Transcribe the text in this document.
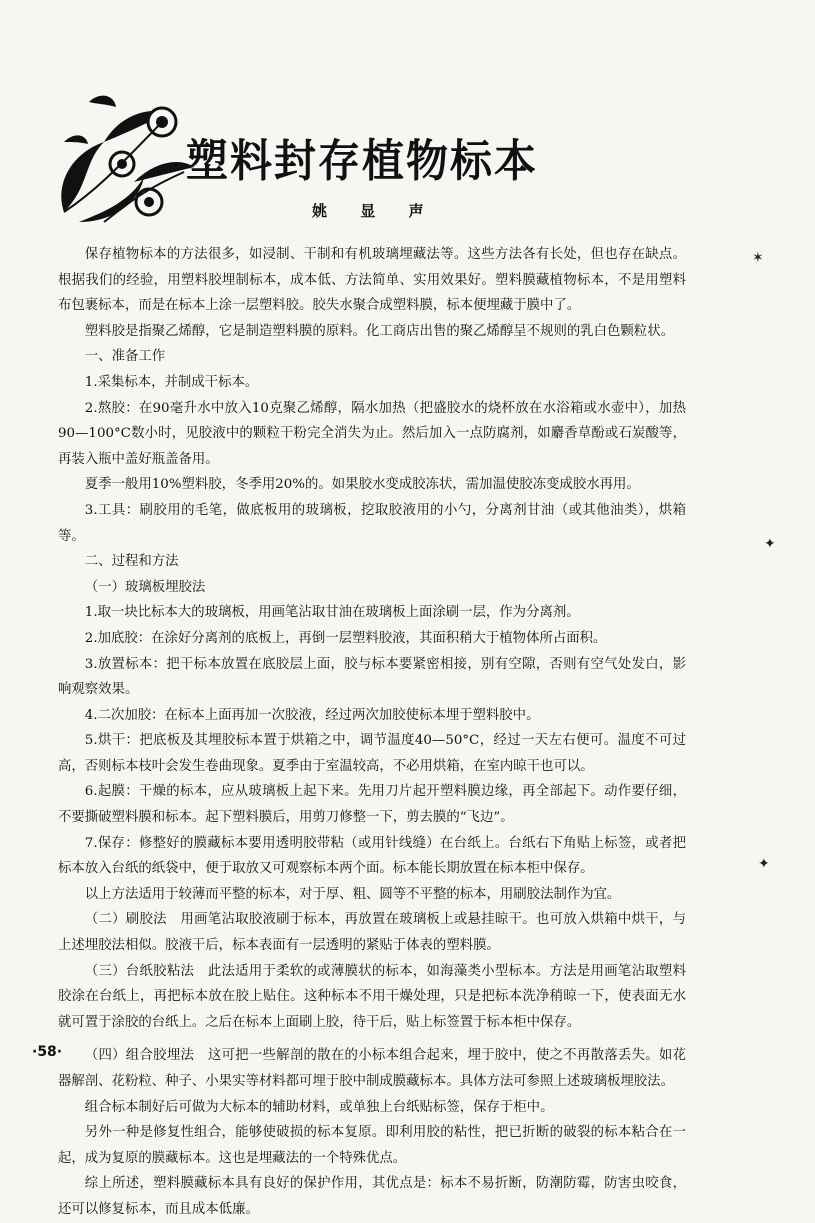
塑料封存植物标本
姚 显 声

保存植物标本的方法很多，如浸制、干制和有机玻璃埋藏法等。这些方法各有长处，但也存在缺点。根据我们的经验，用塑料胶埋制标本，成本低、方法简单、实用效果好。塑料膜藏植物标本，不是用塑料布包裹标本，而是在标本上涂一层塑料胶。胶失水聚合成塑料膜，标本便埋藏于膜中了。

塑料胶是指聚乙烯醇，它是制造塑料膜的原料。化工商店出售的聚乙烯醇呈不规则的乳白色颗粒状。

一、准备工作

1.采集标本，并制成干标本。

2.熬胶：在90毫升水中放入10克聚乙烯醇，隔水加热（把盛胶水的烧杯放在水浴箱或水壶中），加热90—100°C数小时，见胶液中的颗粒干粉完全消失为止。然后加入一点防腐剂，如麝香草酚或石炭酸等，再装入瓶中盖好瓶盖备用。

夏季一般用10%塑料胶，冬季用20%的。如果胶水变成胶冻状，需加温使胶冻变成胶水再用。

3.工具：刷胶用的毛笔，做底板用的玻璃板，挖取胶液用的小勺，分离剂甘油（或其他油类），烘箱等。

二、过程和方法

（一）玻璃板埋胶法

1.取一块比标本大的玻璃板，用画笔沾取甘油在玻璃板上面涂刷一层，作为分离剂。

2.加底胶：在涂好分离剂的底板上，再倒一层塑料胶液，其面积稍大于植物体所占面积。

3.放置标本：把干标本放置在底胶层上面，胶与标本要紧密相接，别有空隙，否则有空气处发白，影响观察效果。

4.二次加胶：在标本上面再加一次胶液，经过两次加胶使标本埋于塑料胶中。

5.烘干：把底板及其埋胶标本置于烘箱之中，调节温度40—50°C，经过一天左右便可。温度不可过高，否则标本枝叶会发生卷曲现象。夏季由于室温较高，不必用烘箱，在室内晾干也可以。

6.起膜：干燥的标本，应从玻璃板上起下来。先用刀片起开塑料膜边缘，再全部起下。动作要仔细，不要撕破塑料膜和标本。起下塑料膜后，用剪刀修整一下，剪去膜的“飞边”。

7.保存：修整好的膜藏标本要用透明胶带粘（或用针线缝）在台纸上。台纸右下角贴上标签，或者把标本放入台纸的纸袋中，便于取放又可观察标本两个面。标本能长期放置在标本柜中保存。

以上方法适用于较薄而平整的标本，对于厚、粗、圆等不平整的标本，用刷胶法制作为宜。

（二）刷胶法　用画笔沾取胶液刷于标本，再放置在玻璃板上或悬挂晾干。也可放入烘箱中烘干，与上述埋胶法相似。胶液干后，标本表面有一层透明的紧贴于体表的塑料膜。

（三）台纸胶粘法　此法适用于柔软的或薄膜状的标本，如海藻类小型标本。方法是用画笔沾取塑料胶涂在台纸上，再把标本放在胶上贴住。这种标本不用干燥处理，只是把标本洗净稍晾一下，使表面无水就可置于涂胶的台纸上。之后在标本上面刷上胶，待干后，贴上标签置于标本柜中保存。

（四）组合胶埋法　这可把一些解剖的散在的小标本组合起来，埋于胶中，使之不再散落丢失。如花器解剖、花粉粒、种子、小果实等材料都可埋于胶中制成膜藏标本。具体方法可参照上述玻璃板埋胶法。

组合标本制好后可做为大标本的辅助材料，或单独上台纸贴标签，保存于柜中。

另外一种是修复性组合，能够使破损的标本复原。即利用胶的粘性，把已折断的破裂的标本粘合在一起，成为复原的膜藏标本。这也是埋藏法的一个特殊优点。

综上所述，塑料膜藏标本具有良好的保护作用，其优点是：标本不易折断，防潮防霉，防害虫咬食，还可以修复标本，而且成本低廉。

·58·
✶
✦
✦
